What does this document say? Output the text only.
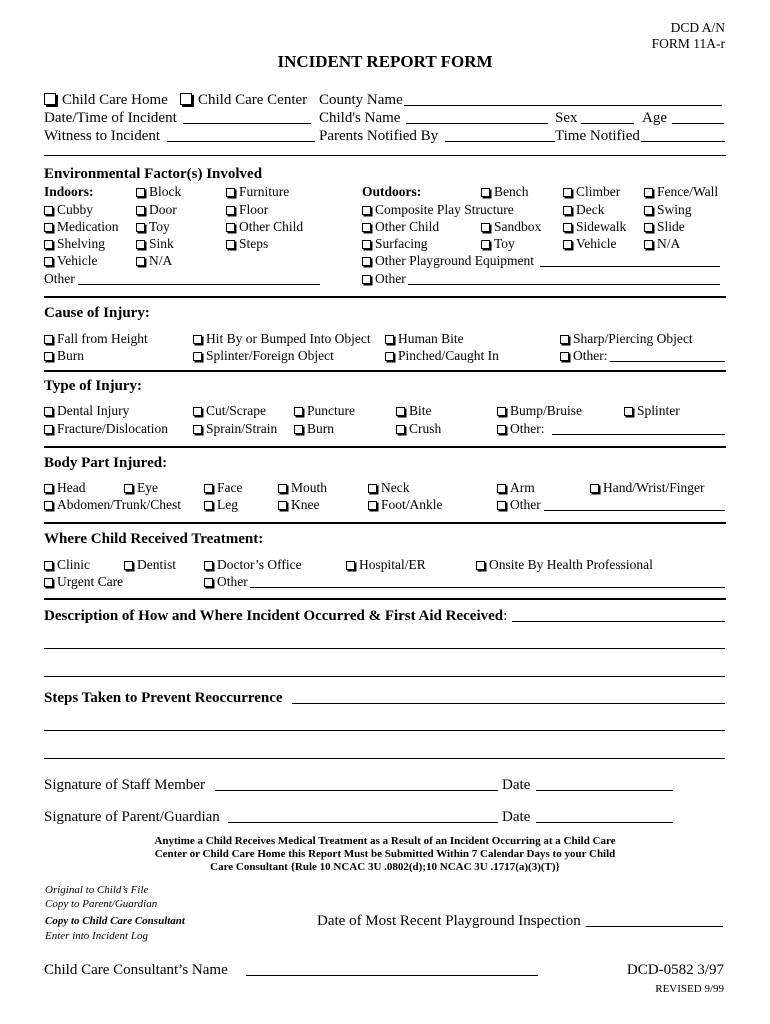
DCD A/N
FORM 11A-r
INCIDENT REPORT FORM
Child Care Home	Child Care Center County Name
Date/Time of Incident	Child's Name	Sex	Age
Witness to Incident	Parents Notified By	Time Notified
Environmental Factor(s) Involved
Indoors:	Block	Furniture
Cubby	Door	Floor
Medication	Toy	Other Child
Shelving	Sink	Steps
Vehicle	N/A
Other
Outdoors:	Bench	Climber	Fence/Wall
Composite Play Structure	Deck	Swing
Other Child	Sandbox	Sidewalk	Slide
Surfacing	Toy	Vehicle	N/A
Other Playground Equipment
Other
Cause of Injury:
Fall from Height	Hit By or Bumped Into Object	Human Bite	Sharp/Piercing Object
Burn	Splinter/Foreign Object	Pinched/Caught In	Other:
Type of Injury:
Dental Injury	Cut/Scrape	Puncture	Bite	Bump/Bruise	Splinter
Fracture/Dislocation	Sprain/Strain	Burn	Crush	Other:
Body Part Injured:
Head	Eye	Face	Mouth	Neck	Arm	Hand/Wrist/Finger
Abdomen/Trunk/Chest	Leg	Knee	Foot/Ankle	Other
Where Child Received Treatment:
Clinic	Dentist	Doctor’s Office	Hospital/ER	Onsite By Health Professional
Urgent Care	Other
Description of How and Where Incident Occurred & First Aid Received:
Steps Taken to Prevent Reoccurrence
Signature of Staff Member	Date
Signature of Parent/Guardian	Date
Anytime a Child Receives Medical Treatment as a Result of an Incident Occurring at a Child Care
Center or Child Care Home this Report Must be Submitted Within 7 Calendar Days to your Child
Care Consultant {Rule 10 NCAC 3U .0802(d);10 NCAC 3U .1717(a)(3)(T)}
Original to Child’s File
Copy to Parent/Guardian
Copy to Child Care Consultant
Enter into Incident Log
Date of Most Recent Playground Inspection
Child Care Consultant’s Name	DCD-0582 3/97
REVISED 9/99
